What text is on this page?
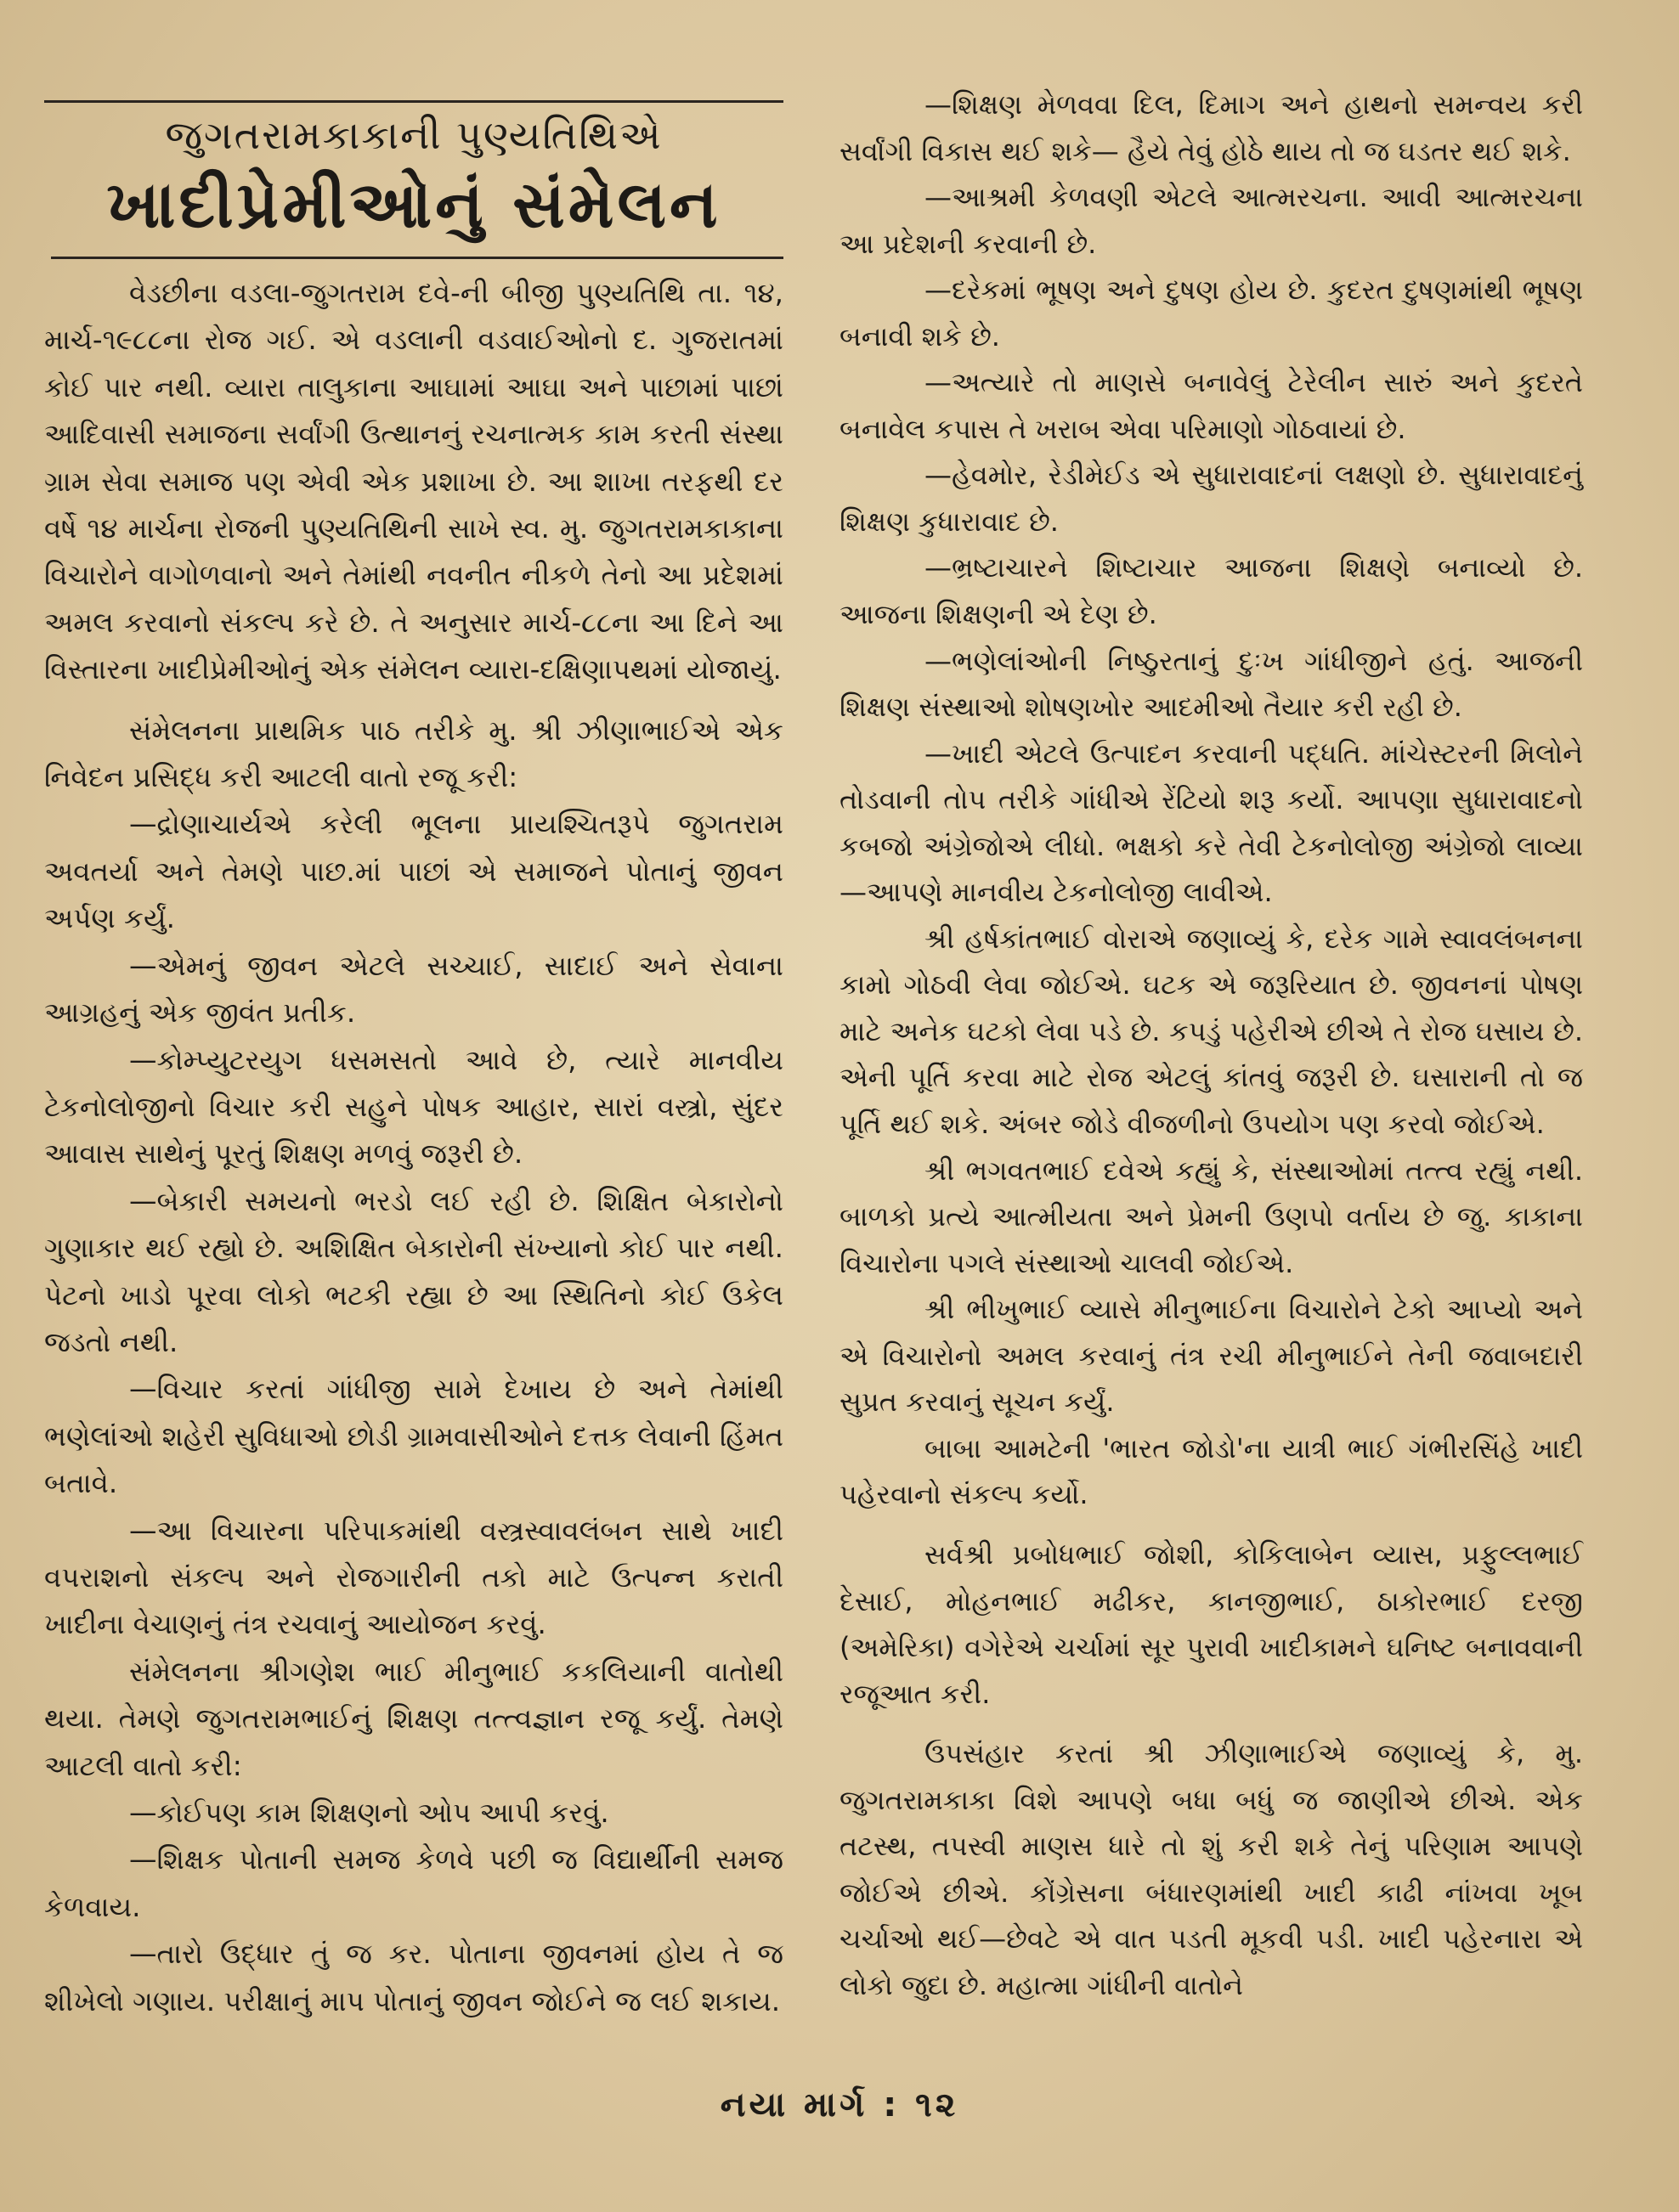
જુગતરામકાકાની પુણ્યતિથિએ
ખાદીપ્રેમીઓનું સંમેલન

વેડછીના વડલા-જુગતરામ દવે-ની બીજી પુણ્યતિથિ તા. ૧૪, માર્ચ-૧૯૮૮ના રોજ ગઈ. એ વડલાની વડવાઈઓનો દ. ગુજરાતમાં કોઈ પાર નથી. વ્યારા તાલુકાના આઘામાં આઘા અને પાછામાં પાછાં આદિવાસી સમાજના સર્વાંગી ઉત્થાનનું રચનાત્મક કામ કરતી સંસ્થા ગ્રામ સેવા સમાજ પણ એવી એક પ્રશાખા છે. આ શાખા તરફથી દર વર્ષે ૧૪ માર્ચના રોજની પુણ્યતિથિની સાખે સ્વ. મુ. જુગતરામકાકાના વિચારોને વાગોળવાનો અને તેમાંથી નવનીત નીકળે તેનો આ પ્રદેશમાં અમલ કરવાનો સંકલ્પ કરે છે. તે અનુસાર માર્ચ-૮૮ના આ દિને આ વિસ્તારના ખાદીપ્રેમીઓનું એક સંમેલન વ્યારા-દક્ષિણાપથમાં યોજાયું.

સંમેલનના પ્રાથમિક પાઠ તરીકે મુ. શ્રી ઝીણાભાઈએ એક નિવેદન પ્રસિદ્ધ કરી આટલી વાતો રજૂ કરી:

—દ્રોણાચાર્યએ કરેલી ભૂલના પ્રાયશ્ચિતરૂપે જુગતરામ અવતર્યા અને તેમણે પાછ.માં પાછાં એ સમાજને પોતાનું જીવન અર્પણ કર્યું.

—એમનું જીવન એટલે સચ્ચાઈ, સાદાઈ અને સેવાના આગ્રહનું એક જીવંત પ્રતીક.

—કોમ્પ્યુટરયુગ ધસમસતો આવે છે, ત્યારે માનવીય ટેકનોલોજીનો વિચાર કરી સહુને પોષક આહાર, સારાં વસ્ત્રો, સુંદર આવાસ સાથેનું પૂરતું શિક્ષણ મળવું જરૂરી છે.

—બેકારી સમયનો ભરડો લઈ રહી છે. શિક્ષિત બેકારોનો ગુણાકાર થઈ રહ્યો છે. અશિક્ષિત બેકારોની સંખ્યાનો કોઈ પાર નથી. પેટનો ખાડો પૂરવા લોકો ભટકી રહ્યા છે આ સ્થિતિનો કોઈ ઉકેલ જડતો નથી.

—વિચાર કરતાં ગાંધીજી સામે દેખાય છે અને તેમાંથી ભણેલાંઓ શહેરી સુવિધાઓ છોડી ગ્રામવાસીઓને દત્તક લેવાની હિંમત બતાવે.

—આ વિચારના પરિપાકમાંથી વસ્ત્રસ્વાવલંબન સાથે ખાદી વપરાશનો સંકલ્પ અને રોજગારીની તકો માટે ઉત્પન્ન કરાતી ખાદીના વેચાણનું તંત્ર રચવાનું આયોજન કરવું.

સંમેલનના શ્રીગણેશ ભાઈ મીનુભાઈ કકલિયાની વાતોથી થયા. તેમણે જુગતરામભાઈનું શિક્ષણ તત્ત્વજ્ઞાન રજૂ કર્યું. તેમણે આટલી વાતો કરી:

—કોઈપણ કામ શિક્ષણનો ઓપ આપી કરવું.

—શિક્ષક પોતાની સમજ કેળવે પછી જ વિદ્યાર્થીની સમજ કેળવાય.

—તારો ઉદ્ધાર તું જ કર. પોતાના જીવનમાં હોય તે જ શીખેલો ગણાય. પરીક્ષાનું માપ પોતાનું જીવન જોઈને જ લઈ શકાય.

—શિક્ષણ મેળવવા દિલ, દિમાગ અને હાથનો સમન્વય કરી સર્વાંગી વિકાસ થઈ શકે— હૈયે તેવું હોઠે થાય તો જ ઘડતર થઈ શકે.

—આશ્રમી કેળવણી એટલે આત્મરચના. આવી આત્મરચના આ પ્રદેશની કરવાની છે.

—દરેકમાં ભૂષણ અને દુષણ હોય છે. કુદરત દુષણમાંથી ભૂષણ બનાવી શકે છે.

—અત્યારે તો માણસે બનાવેલું ટેરેલીન સારું અને કુદરતે બનાવેલ કપાસ તે ખરાબ એવા પરિમાણો ગોઠવાયાં છે.

—હેવમોર, રેડીમેઈડ એ સુધારાવાદનાં લક્ષણો છે. સુધારાવાદનું શિક્ષણ કુધારાવાદ છે.

—ભ્રષ્ટાચારને શિષ્ટાચાર આજના શિક્ષણે બનાવ્યો છે. આજના શિક્ષણની એ દેણ છે.

—ભણેલાંઓની નિષ્ઠુરતાનું દુઃખ ગાંધીજીને હતું. આજની શિક્ષણ સંસ્થાઓ શોષણખોર આદમીઓ તૈયાર કરી રહી છે.

—ખાદી એટલે ઉત્પાદન કરવાની પદ્ધતિ. માંચેસ્ટરની મિલોને તોડવાની તોપ તરીકે ગાંધીએ રેંટિયો શરૂ કર્યો. આપણા સુધારાવાદનો કબજો અંગ્રેજોએ લીધો. ભક્ષકો કરે તેવી ટેકનોલોજી અંગ્રેજો લાવ્યા—આપણે માનવીય ટેકનોલોજી લાવીએ.

શ્રી હર્ષકાંતભાઈ વોરાએ જણાવ્યું કે, દરેક ગામે સ્વાવલંબનના કામો ગોઠવી લેવા જોઈએ. ઘટક એ જરૂરિયાત છે. જીવનનાં પોષણ માટે અનેક ઘટકો લેવા પડે છે. કપડું પહેરીએ છીએ તે રોજ ઘસાય છે. એની પૂર્તિ કરવા માટે રોજ એટલું કાંતવું જરૂરી છે. ઘસારાની તો જ પૂર્તિ થઈ શકે. અંબર જોડે વીજળીનો ઉપયોગ પણ કરવો જોઈએ.

શ્રી ભગવતભાઈ દવેએ કહ્યું કે, સંસ્થાઓમાં તત્ત્વ રહ્યું નથી. બાળકો પ્રત્યે આત્મીયતા અને પ્રેમની ઉણપો વર્તાય છે જુ. કાકાના વિચારોના પગલે સંસ્થાઓ ચાલવી જોઈએ.

શ્રી ભીખુભાઈ વ્યાસે મીનુભાઈના વિચારોને ટેકો આપ્યો અને એ વિચારોનો અમલ કરવાનું તંત્ર રચી મીનુભાઈને તેની જવાબદારી સુપ્રત કરવાનું સૂચન કર્યું.

બાબા આમટેની 'ભારત જોડો'ના યાત્રી ભાઈ ગંભીરસિંહે ખાદી પહેરવાનો સંકલ્પ કર્યો.

સર્વશ્રી પ્રબોધભાઈ જોશી, કોકિલાબેન વ્યાસ, પ્રફુલ્લભાઈ દેસાઈ, મોહનભાઈ મઢીકર, કાનજીભાઈ, ઠાકોરભાઈ દરજી (અમેરિકા) વગેરેએ ચર્ચામાં સૂર પુરાવી ખાદીકામને ઘનિષ્ટ બનાવવાની રજૂઆત કરી.

ઉપસંહાર કરતાં શ્રી ઝીણાભાઈએ જણાવ્યું કે, મુ. જુગતરામકાકા વિશે આપણે બધા બધું જ જાણીએ છીએ. એક તટસ્થ, તપસ્વી માણસ ધારે તો શું કરી શકે તેનું પરિણામ આપણે જોઈએ છીએ. કોંગ્રેસના બંધારણમાંથી ખાદી કાઢી નાંખવા ખૂબ ચર્ચાઓ થઈ—છેવટે એ વાત પડતી મૂકવી પડી. ખાદી પહેરનારા એ લોકો જુદા છે. મહાત્મા ગાંધીની વાતોને

નયા માર્ગ : ૧૨
